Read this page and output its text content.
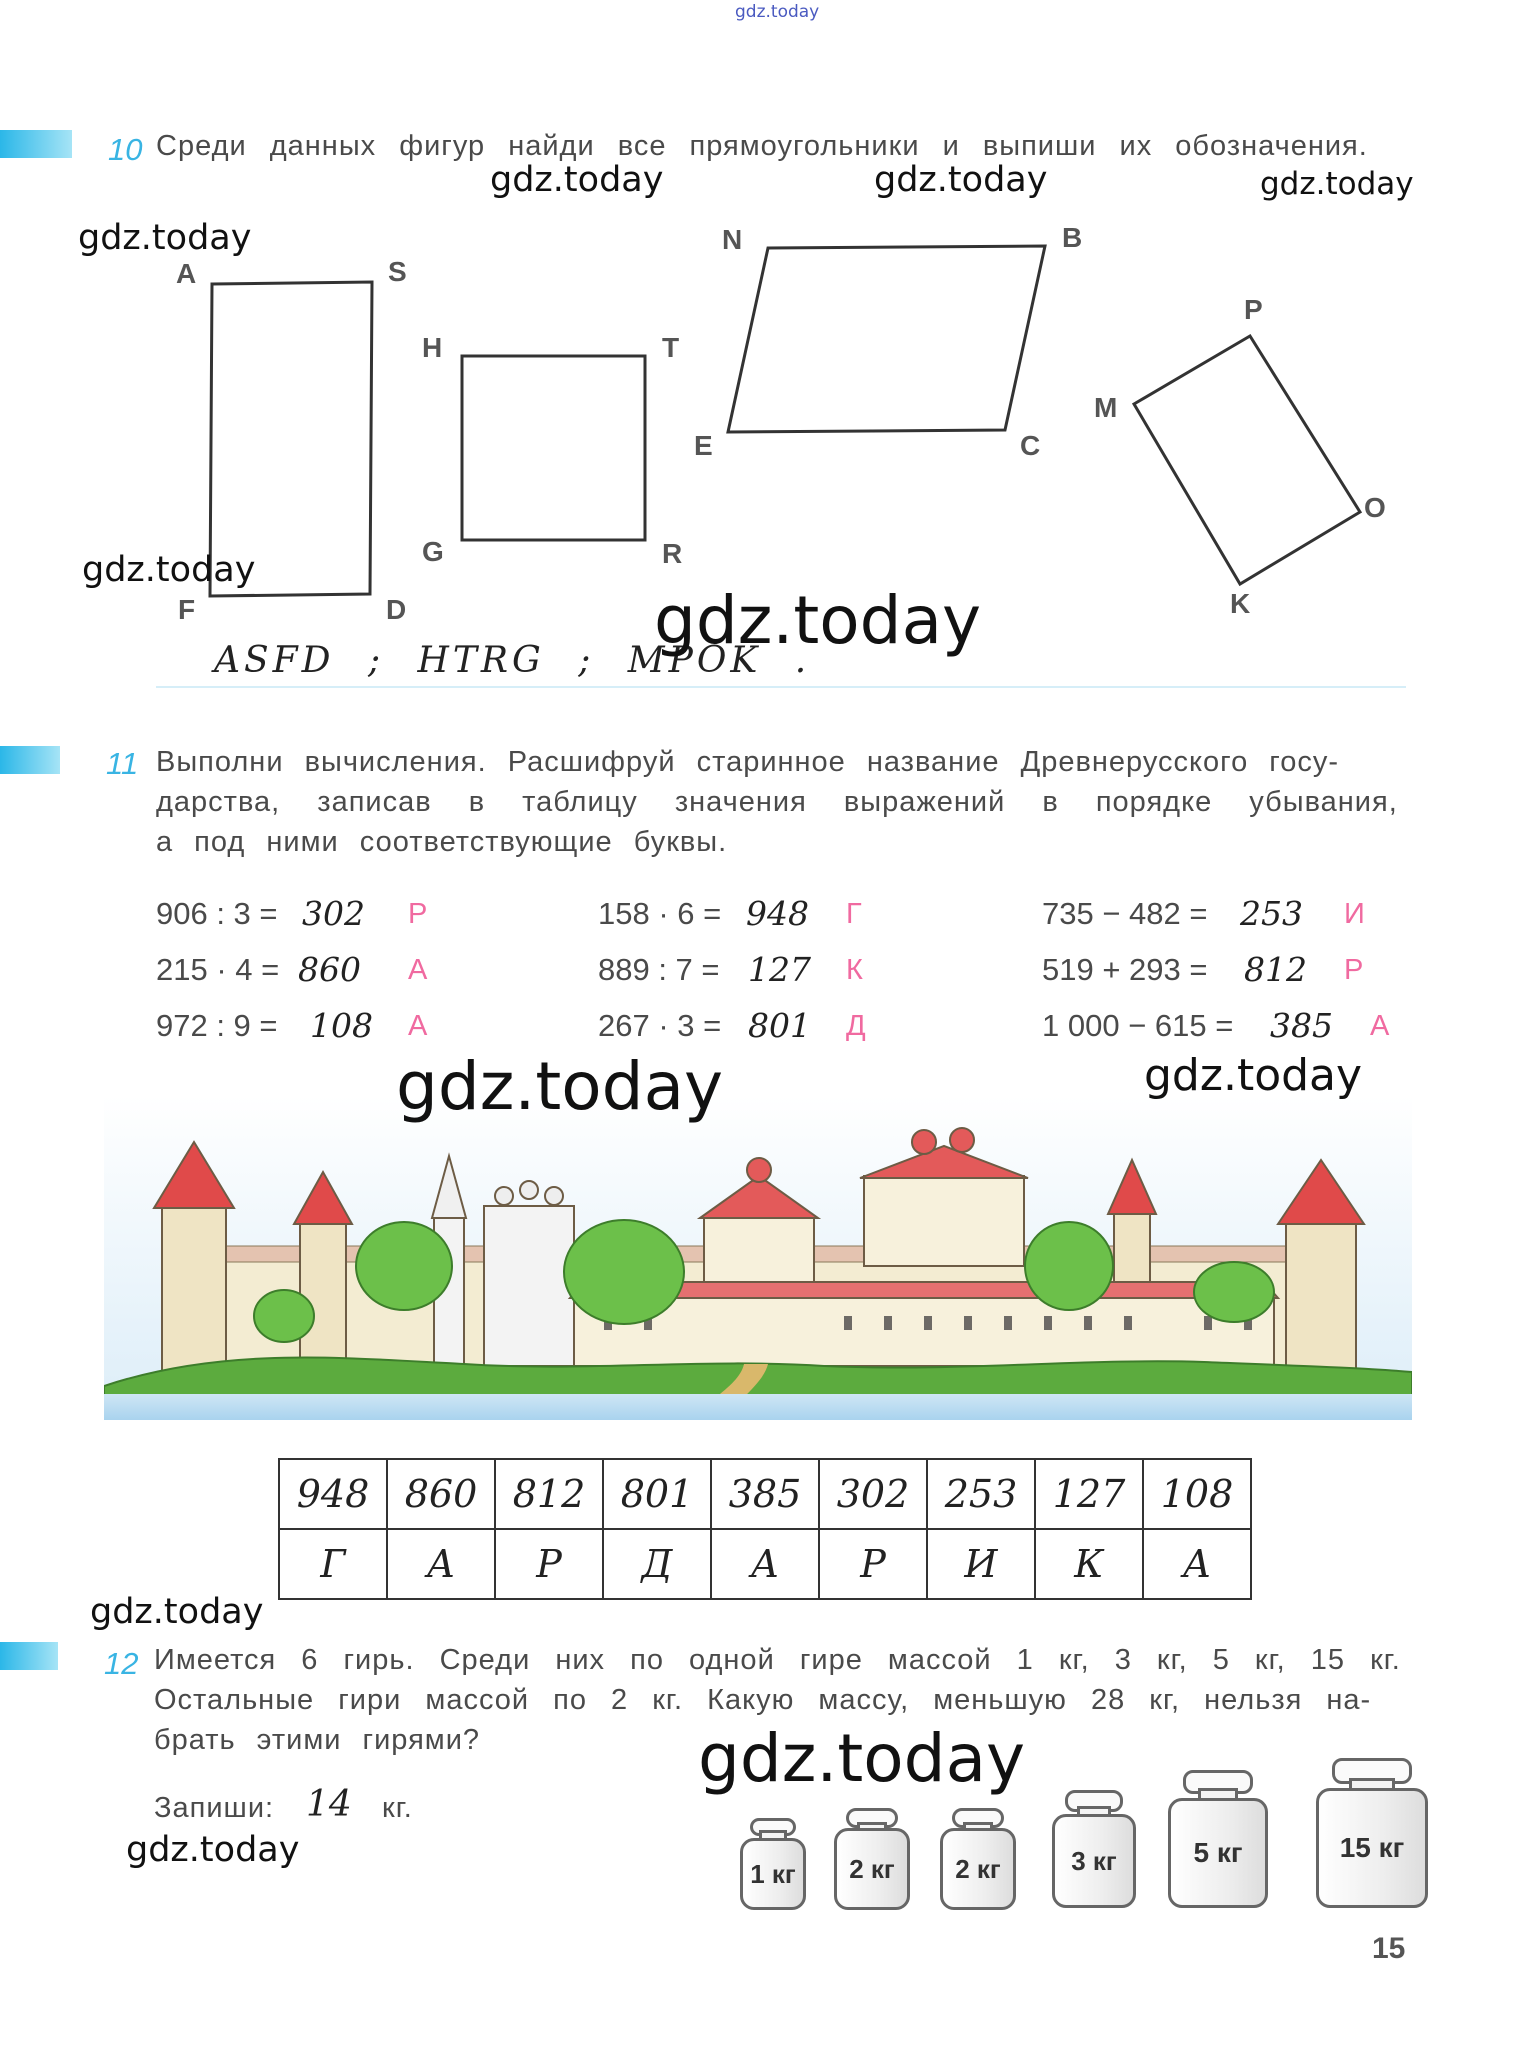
gdz.today
10 Среди данных фигур найди все прямоугольники и выпиши их обозначения.
A	S
H	T
N	B
E	C
P
M
O
K
G	R
F	D
ASFD ; HTRG ; MPOK .
11 Выполни вычисления. Расшифруй старинное название Древнерусского госу-
дарства, записав в таблицу значения выражений в порядке убывания,
а под ними соответствующие буквы.
906 : 3 = 302 Р
215 · 4 = 860 А
972 : 9 = 108 А
158 · 6 = 948 Г
889 : 7 = 127 К
267 · 3 = 801 Д
735 − 482 = 253 И
519 + 293 = 812 Р
1 000 − 615 = 385 А
948	860	812	801	385	302	253	127	108
Г	А	Р	Д	А	Р	И	К	А
12 Имеется 6 гирь. Среди них по одной гире массой 1 кг, 3 кг, 5 кг, 15 кг.
Остальные гири массой по 2 кг. Какую массу, меньшую 28 кг, нельзя на-
брать этими гирями?
Запиши: 14 кг.
1 кг	2 кг	2 кг	3 кг	5 кг	15 кг
15
gdz.today	gdz.today	gdz.today
gdz.today
gdz.today
gdz.today
gdz.today	gdz.today
gdz.today
gdz.today
gdz.today
